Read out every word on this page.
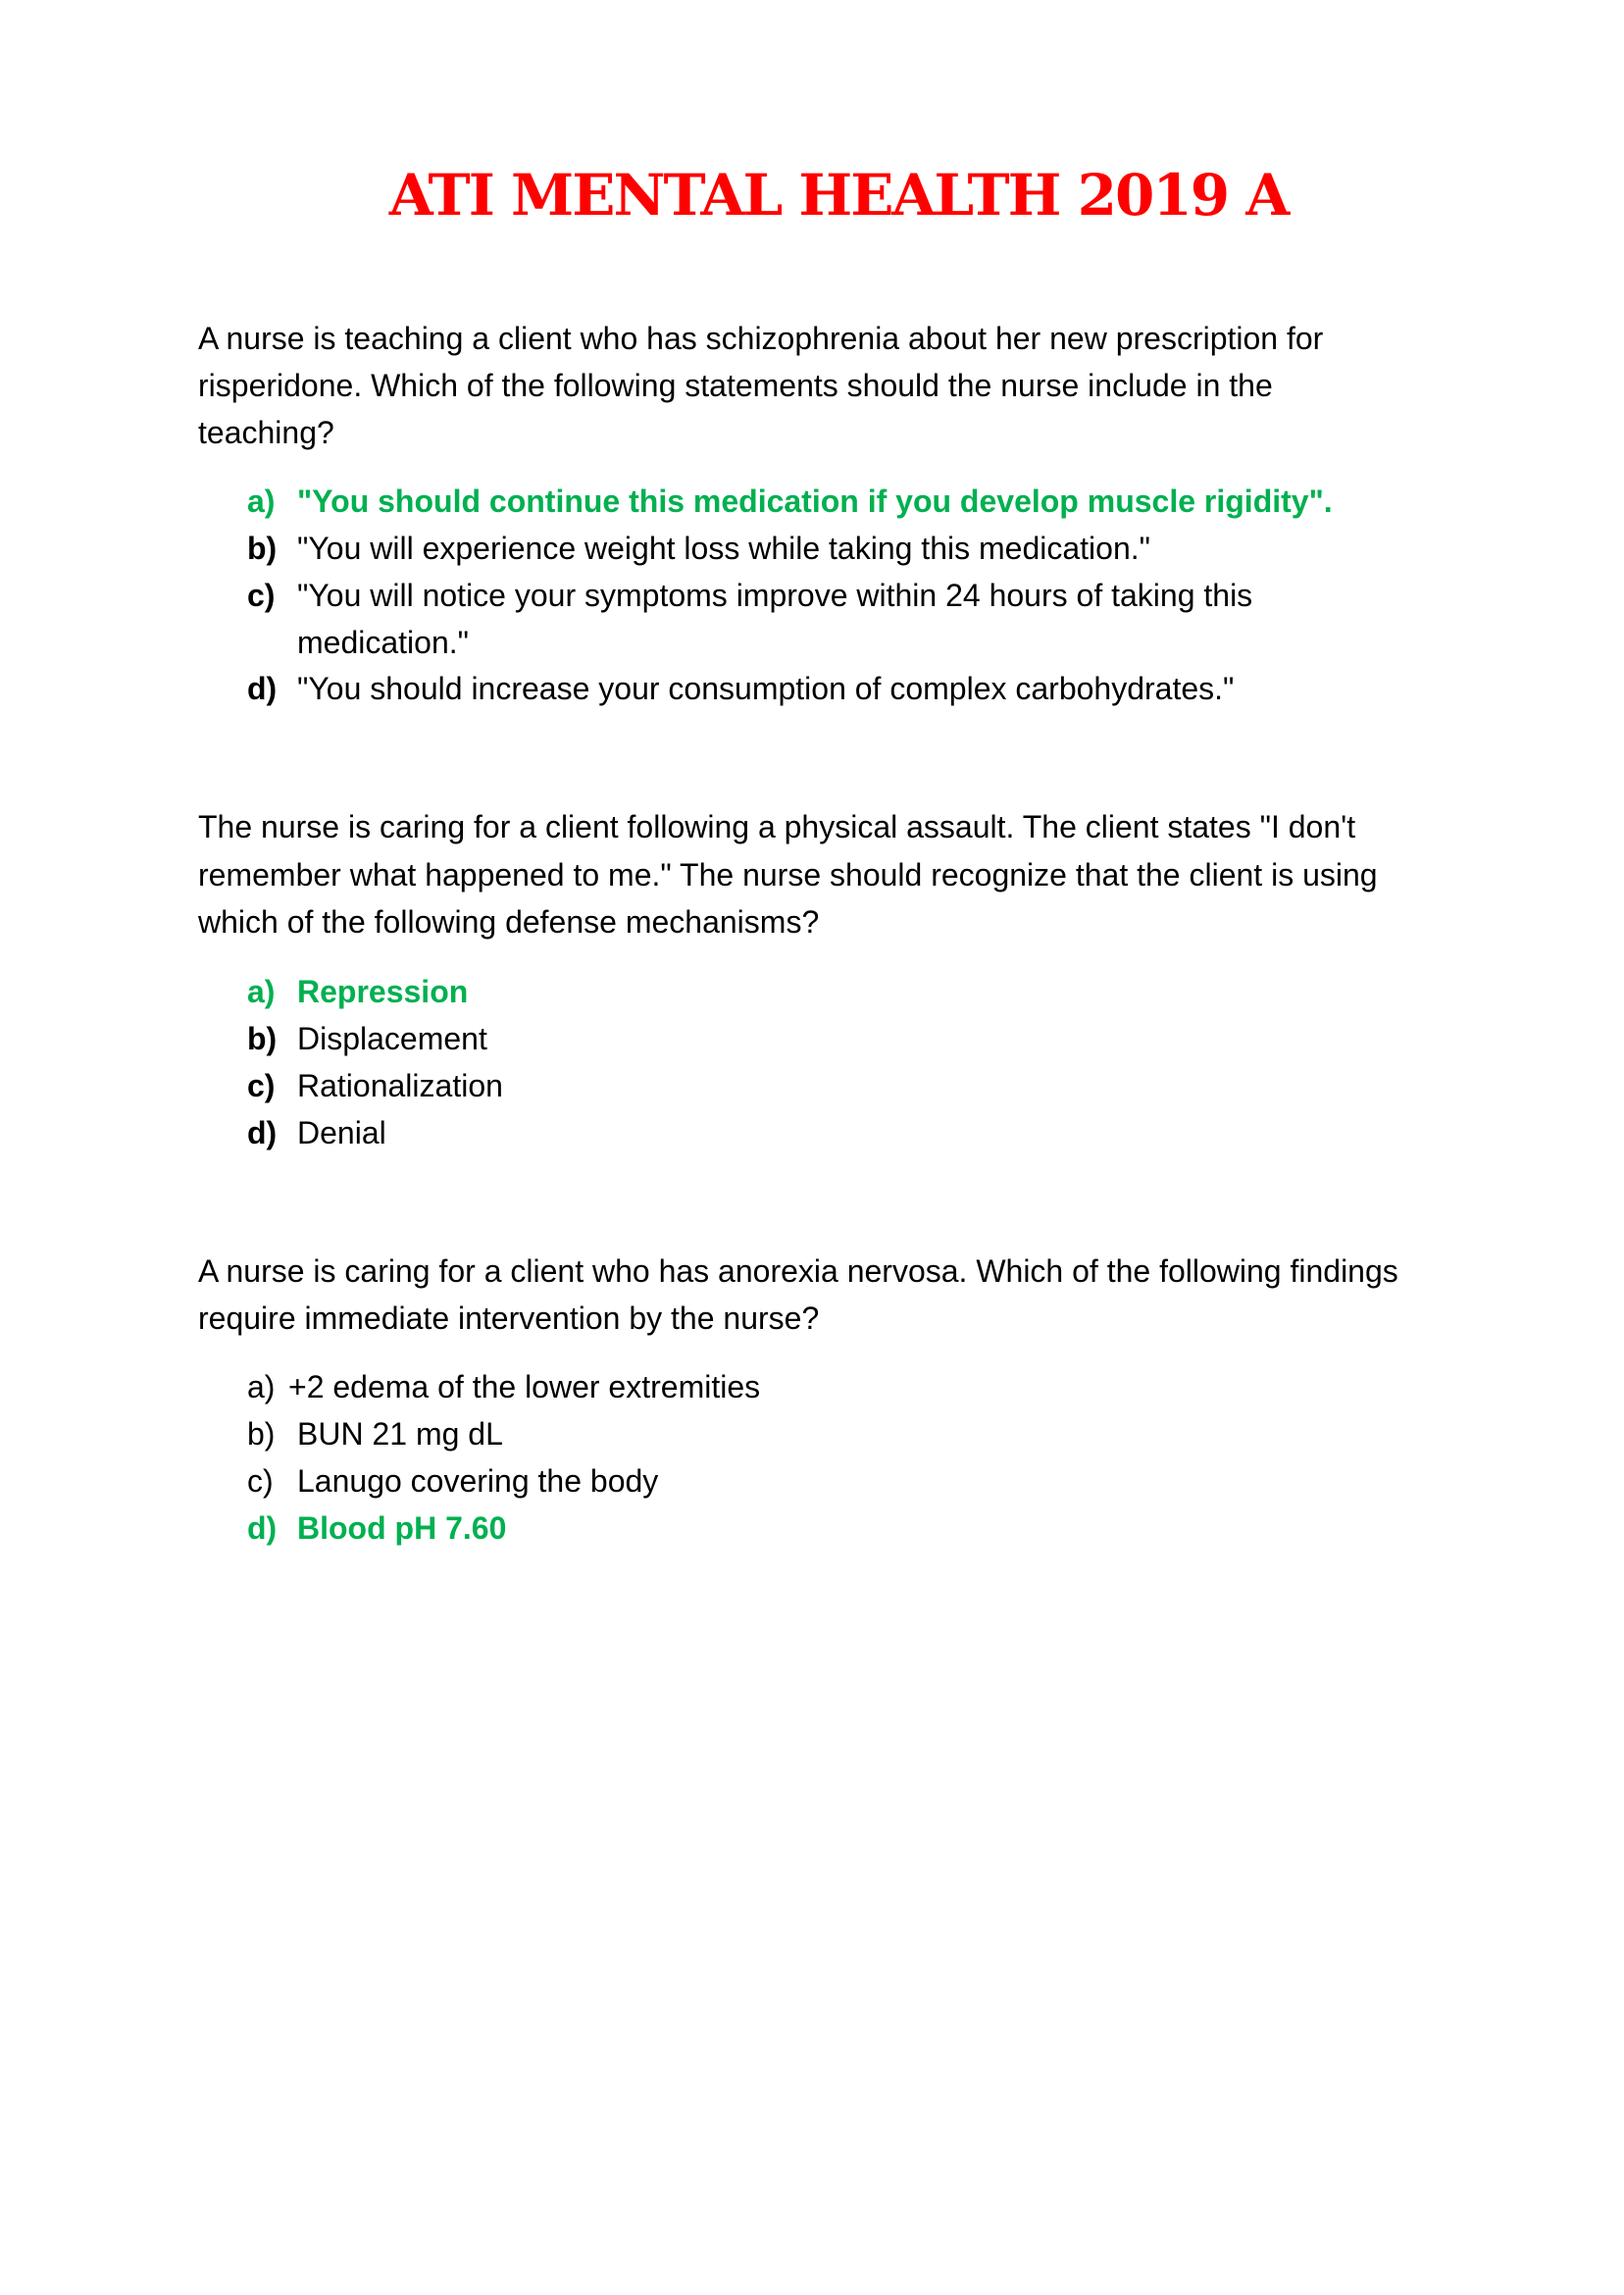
ATI MENTAL HEALTH 2019 A
A nurse is teaching a client who has schizophrenia about her new prescription for
risperidone. Which of the following statements should the nurse include in the
teaching?
a) "You should continue this medication if you develop muscle rigidity".
b) "You will experience weight loss while taking this medication."
c) "You will notice your symptoms improve within 24 hours of taking this
medication."
d) "You should increase your consumption of complex carbohydrates."
The nurse is caring for a client following a physical assault. The client states "I don't
remember what happened to me." The nurse should recognize that the client is using
which of the following defense mechanisms?
a) Repression
b) Displacement
c) Rationalization
d) Denial
A nurse is caring for a client who has anorexia nervosa. Which of the following findings
require immediate intervention by the nurse?
a) +2 edema of the lower extremities
b) BUN 21 mg dL
c) Lanugo covering the body
d) Blood pH 7.60
